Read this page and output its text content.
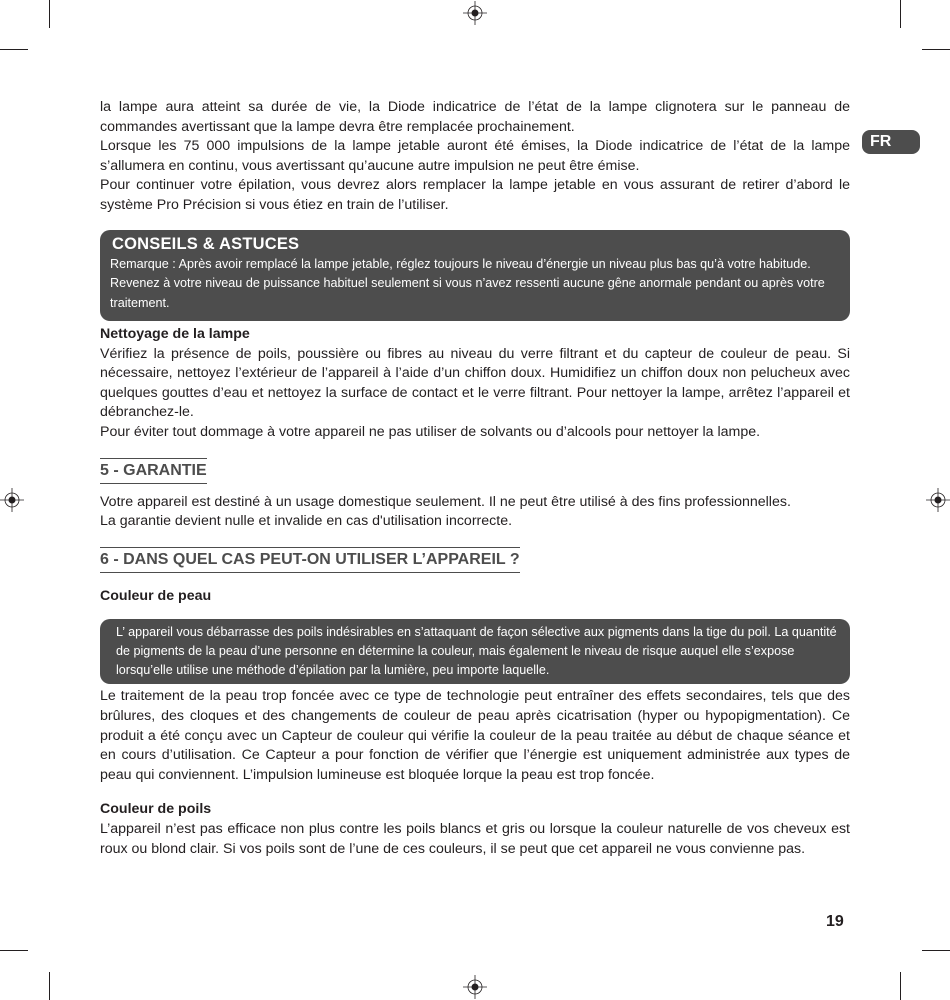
FR

la lampe aura atteint sa durée de vie, la Diode indicatrice de l’état de la lampe clignotera sur le panneau de commandes avertissant que la lampe devra être remplacée prochainement.

Lorsque les 75 000 impulsions de la lampe jetable auront été émises, la Diode indicatrice de l’état de la lampe s’allumera en continu, vous avertissant qu’aucune autre impulsion ne peut être émise.

Pour continuer votre épilation, vous devrez alors remplacer la lampe jetable en vous assurant de retirer d’abord le système Pro Précision si vous étiez en train de l’utiliser.

CONSEILS & ASTUCES

Remarque : Après avoir remplacé la lampe jetable, réglez toujours le niveau d’énergie un niveau plus bas qu’à votre habitude. Revenez à votre niveau de puissance habituel seulement si vous n’avez ressenti aucune gêne anormale pendant ou après votre traitement.

Nettoyage de la lampe

Vérifiez la présence de poils, poussière ou fibres au niveau du verre filtrant et du capteur de couleur de peau. Si nécessaire, nettoyez l’extérieur de l’appareil à l’aide d’un chiffon doux. Humidifiez un chiffon doux non pelucheux avec quelques gouttes d’eau et nettoyez la surface de contact et le verre filtrant. Pour nettoyer la lampe, arrêtez l’appareil et débranchez-le.

Pour éviter tout dommage à votre appareil ne pas utiliser de solvants ou d’alcools pour nettoyer la lampe.

5 - GARANTIE

Votre appareil est destiné à un usage domestique seulement. Il ne peut être utilisé à des fins professionnelles.

La garantie devient nulle et invalide en cas d'utilisation incorrecte.

6 - DANS QUEL CAS PEUT-ON UTILISER L’APPAREIL ?
Couleur de peau
L’ appareil vous débarrasse des poils indésirables en s’attaquant de façon sélective aux pigments dans la tige du poil. La quantité de pigments de la peau d’une personne en détermine la couleur, mais également le niveau de risque auquel elle s’expose lorsqu’elle utilise une méthode d’épilation par la lumière, peu importe laquelle.

Le traitement de la peau trop foncée avec ce type de technologie peut entraîner des effets secondaires, tels que des brûlures, des cloques et des changements de couleur de peau après cicatrisation (hyper ou hypopigmentation). Ce produit a été conçu avec un Capteur de couleur qui vérifie la couleur de la peau traitée au début de chaque séance et en cours d’utilisation. Ce Capteur a pour fonction de vérifier que l’énergie est uniquement administrée aux types de peau qui conviennent. L’impulsion lumineuse est bloquée lorque la peau est trop foncée.

Couleur de poils

L’appareil n’est pas efficace non plus contre les poils blancs et gris ou lorsque la couleur naturelle de vos cheveux est roux ou blond clair. Si vos poils sont de l’une de ces couleurs, il se peut que cet appareil ne vous convienne pas.

19
